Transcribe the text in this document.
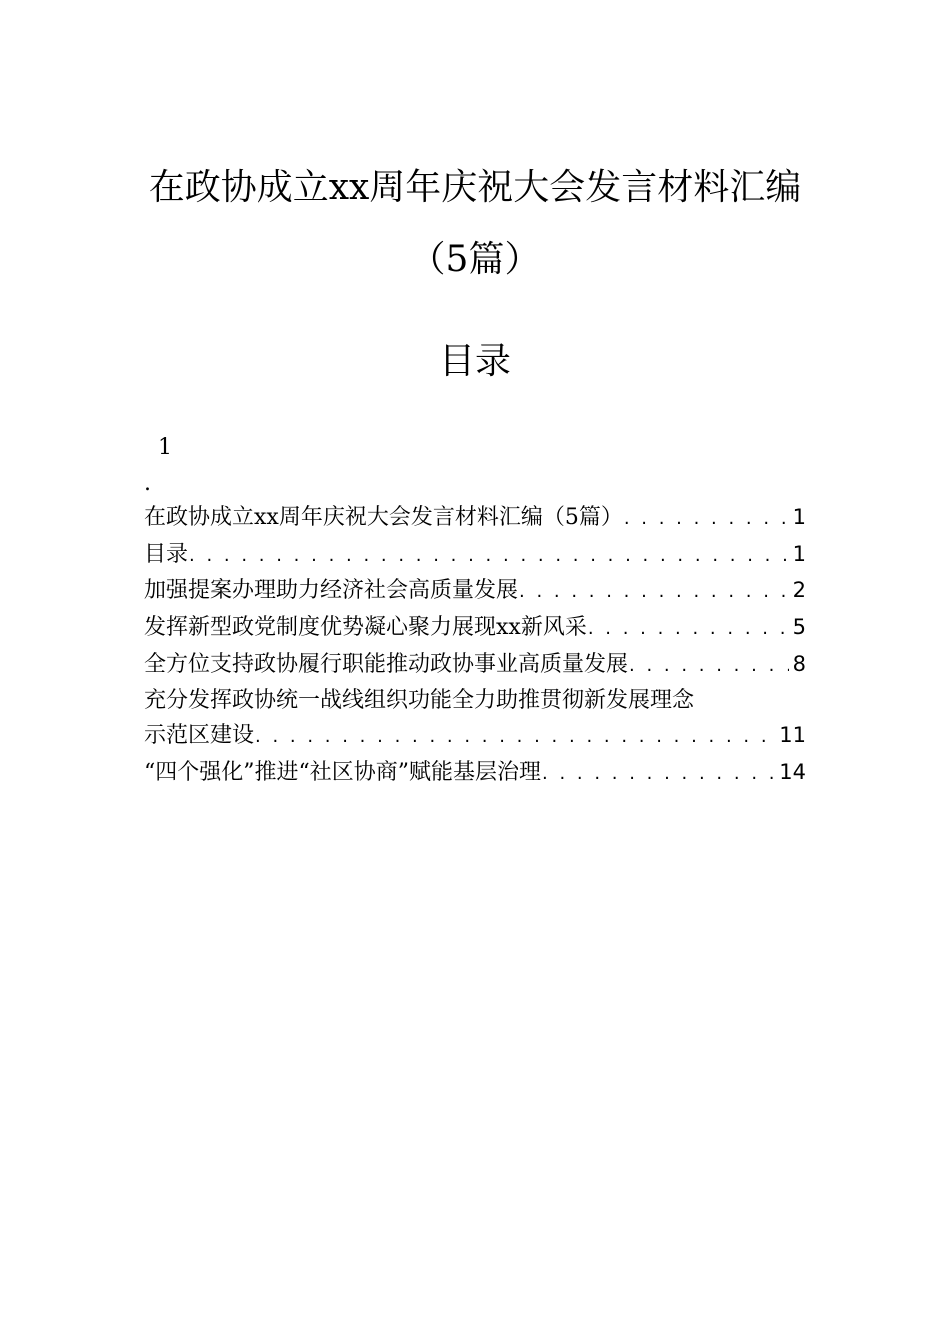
在政协成立xx周年庆祝大会发言材料汇编
（5篇）
目录
1
.
在政协成立xx周年庆祝大会发言材料汇编（5篇） . . .	1
目录 . . .	1
加强提案办理助力经济社会高质量发展 . . .	2
发挥新型政党制度优势凝心聚力展现xx新风采 . . .	5
全方位支持政协履行职能推动政协事业高质量发展 . . .	8
充分发挥政协统一战线组织功能全力助推贯彻新发展理念
示范区建设 . . .	11
“四个强化”推进“社区协商”赋能基层治理 . . .	14
